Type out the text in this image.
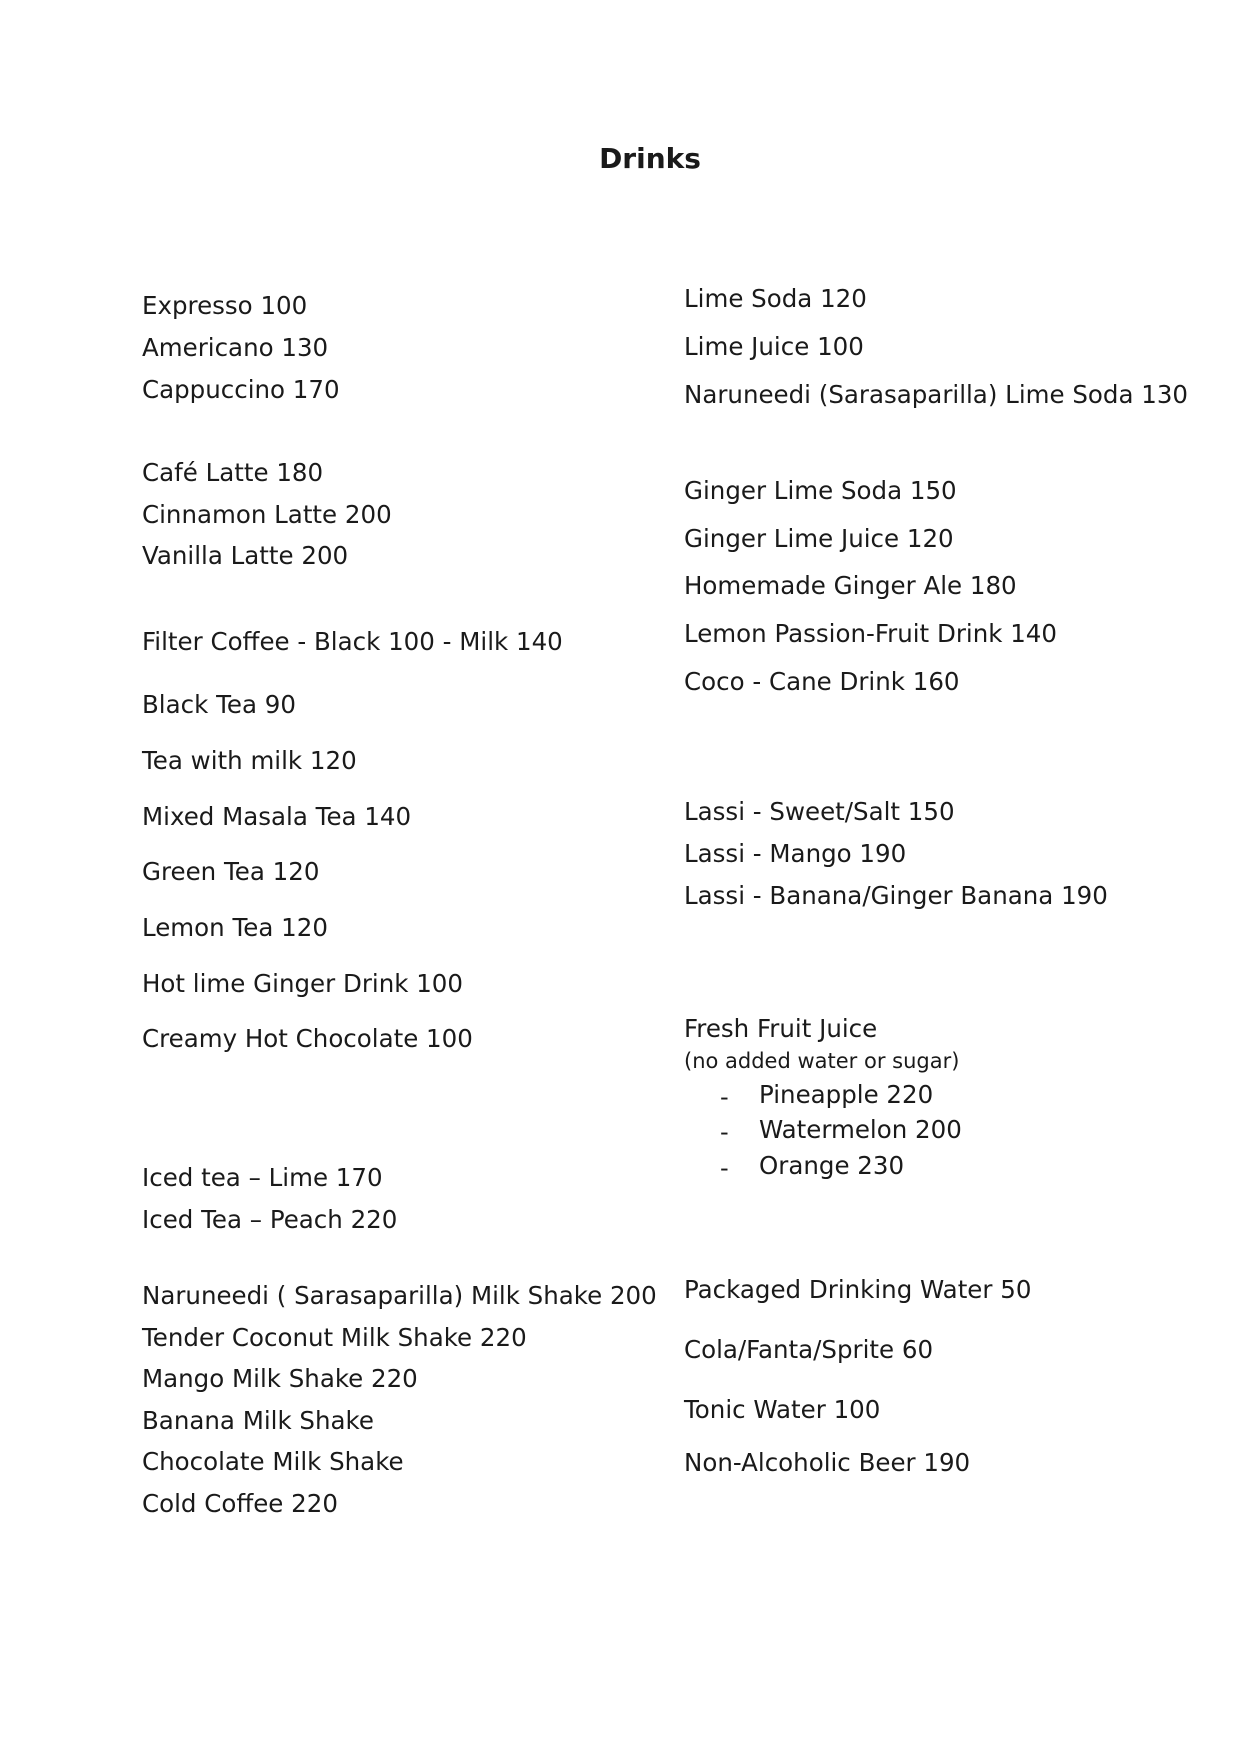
Drinks
Expresso 100
Americano 130
Cappuccino 170
Café Latte 180
Cinnamon Latte 200
Vanilla Latte 200
Filter Coffee - Black 100 - Milk 140
Black Tea 90
Tea with milk 120
Mixed Masala Tea 140
Green Tea 120
Lemon Tea 120
Hot lime Ginger Drink 100
Creamy Hot Chocolate 100
Iced tea – Lime 170
Iced Tea – Peach 220
Naruneedi ( Sarasaparilla) Milk Shake 200
Tender Coconut Milk Shake 220
Mango Milk Shake 220
Banana Milk Shake
Chocolate Milk Shake
Cold Coffee 220
Lime Soda 120
Lime Juice 100
Naruneedi (Sarasaparilla) Lime Soda 130
Ginger Lime Soda 150
Ginger Lime Juice 120
Homemade Ginger Ale 180
Lemon Passion-Fruit Drink 140
Coco - Cane Drink 160
Lassi - Sweet/Salt 150
Lassi - Mango 190
Lassi - Banana/Ginger Banana 190
Fresh Fruit Juice
(no added water or sugar)
- Pineapple 220
- Watermelon 200
- Orange 230
Packaged Drinking Water 50
Cola/Fanta/Sprite 60
Tonic Water 100
Non-Alcoholic Beer 190
